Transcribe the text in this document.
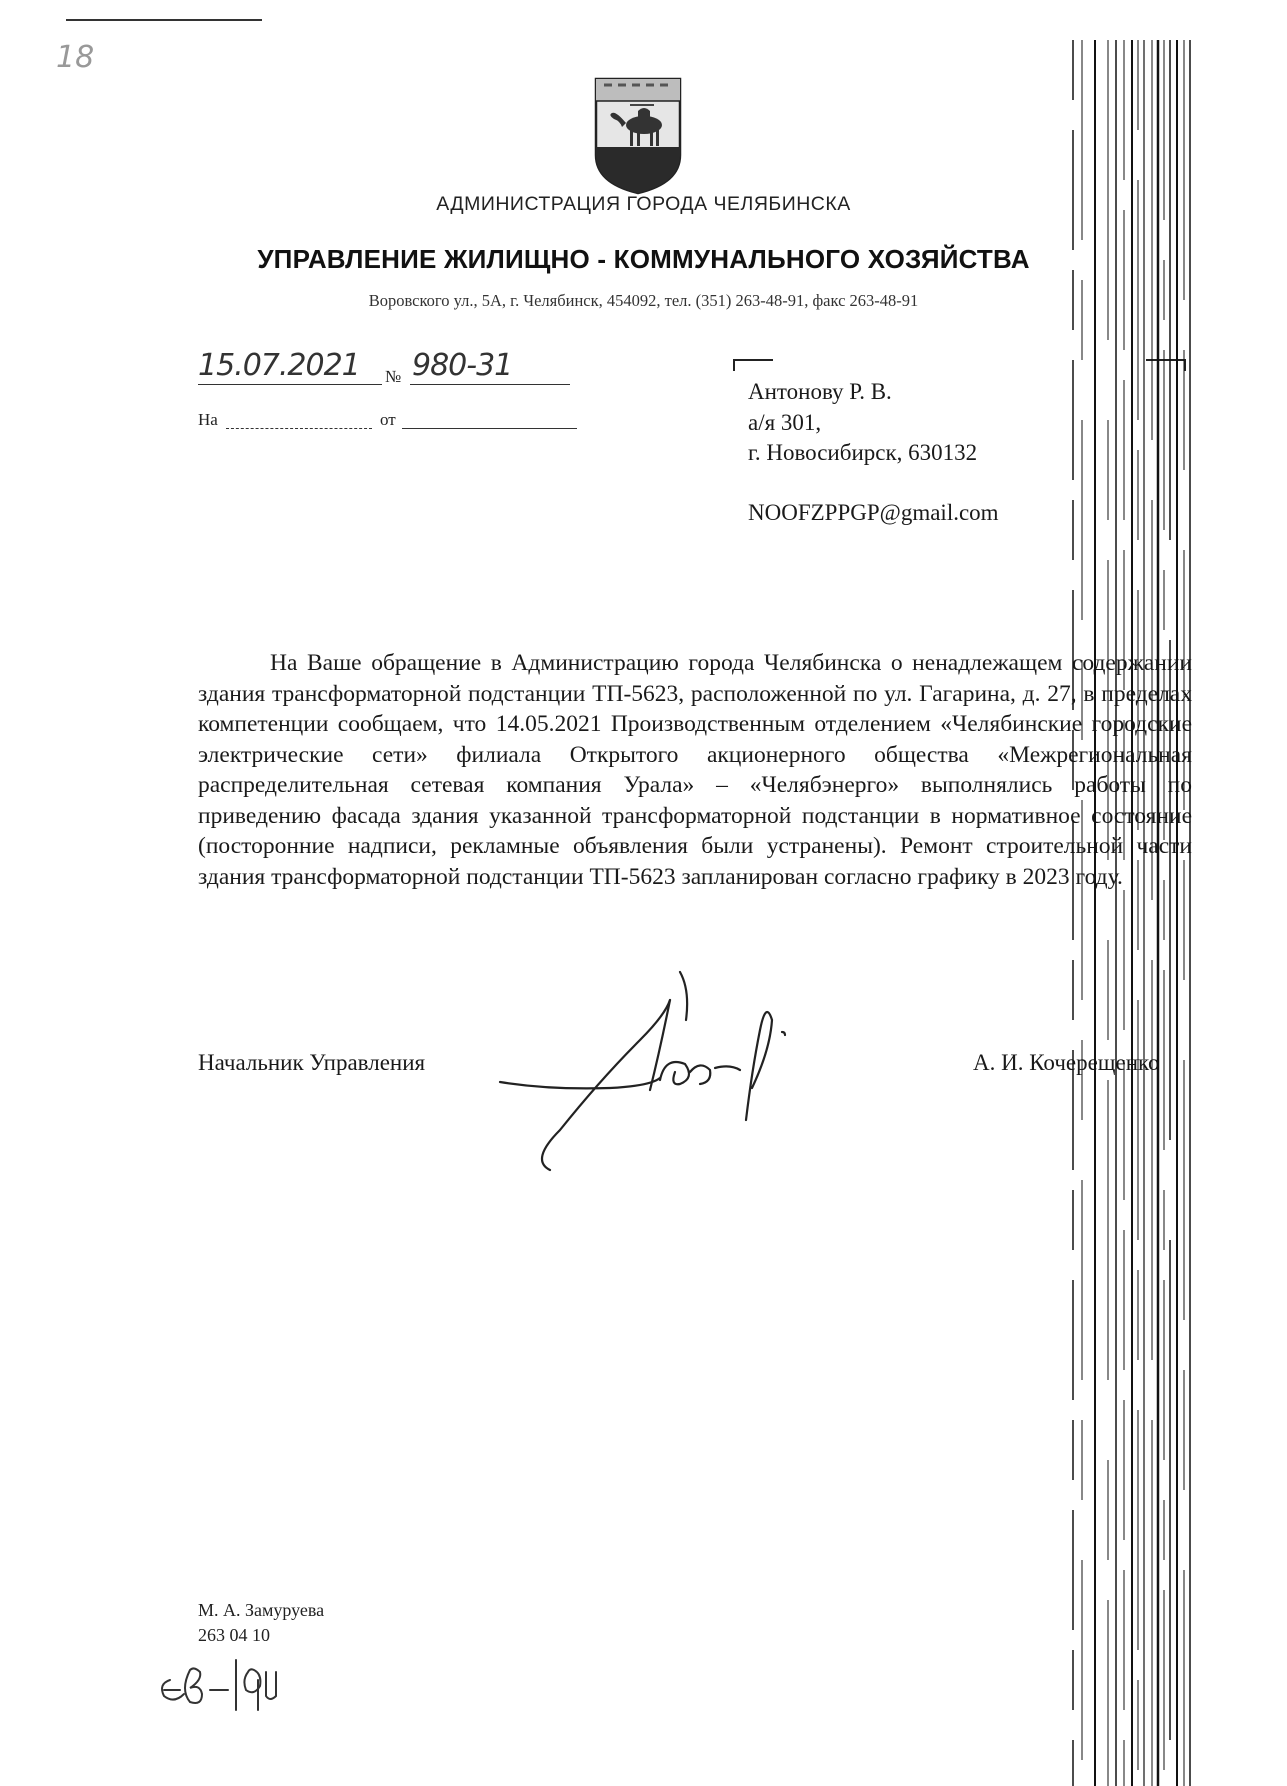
18
АДМИНИСТРАЦИЯ ГОРОДА ЧЕЛЯБИНСКА
УПРАВЛЕНИЕ ЖИЛИЩНО - КОММУНАЛЬНОГО ХОЗЯЙСТВА
Воровского ул., 5А, г. Челябинск, 454092, тел. (351) 263-48-91, факс 263-48-91
15.07.2021 № 980-31
На	от
Антонову Р. В.
а/я 301,
г. Новосибирск, 630132
NOOFZPPGP@gmail.com
На Ваше обращение в Администрацию города Челябинска о ненадлежащем содержании здания трансформаторной подстанции ТП-5623, расположенной по ул. Гагарина, д. 27, в пределах компетенции сообщаем, что 14.05.2021 Производственным отделением «Челябинские городские электрические сети» филиала Открытого акционерного общества «Межрегиональная распределительная сетевая компания Урала» – «Челябэнерго» выполнялись работы по приведению фасада здания указанной трансформаторной подстанции в нормативное состояние (посторонние надписи, рекламные объявления были устранены). Ремонт строительной части здания трансформаторной подстанции ТП-5623 запланирован согласно графику в 2023 году.
Начальник Управления	А. И. Кочерещенко
М. А. Замуруева
263 04 10
